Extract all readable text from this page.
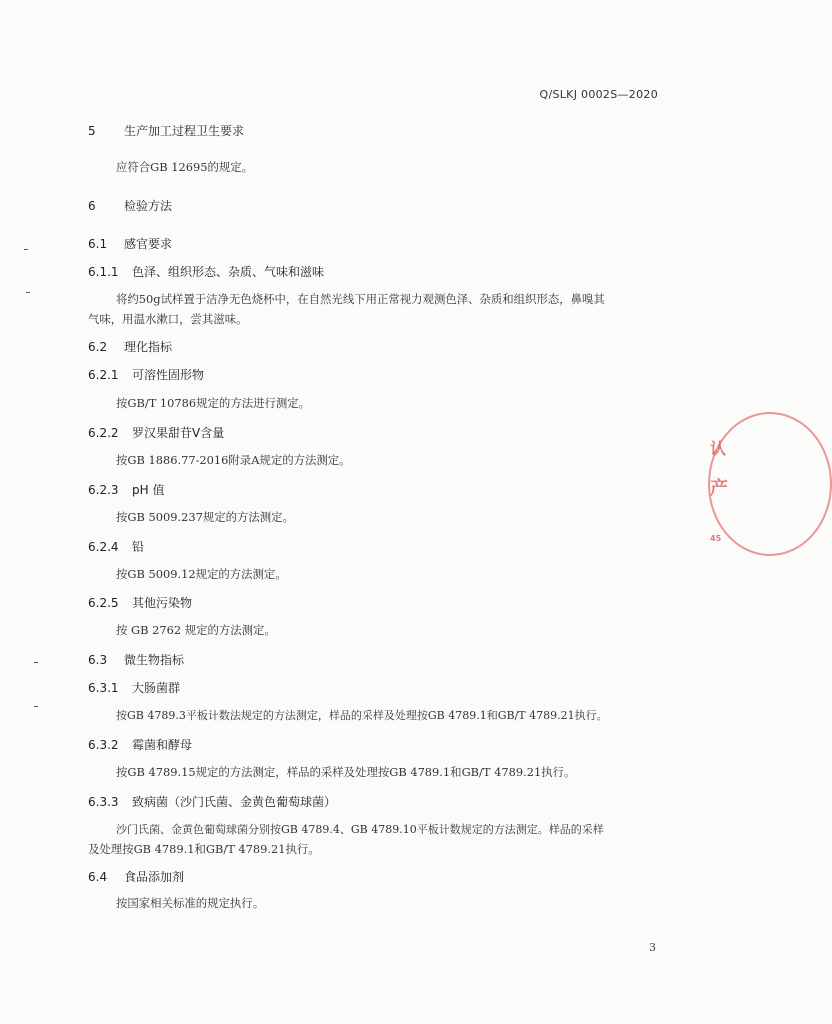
Q/SLKJ 0002S—2020
5 生产加工过程卫生要求
应符合GB 12695的规定。
6 检验方法
6.1 感官要求
6.1.1 色泽、组织形态、杂质、气味和滋味
将约50g试样置于洁净无色烧杯中，在自然光线下用正常视力观测色泽、杂质和组织形态，鼻嗅其
气味，用温水漱口，尝其滋味。
6.2 理化指标
6.2.1 可溶性固形物
按GB/T 10786规定的方法进行测定。
6.2.2 罗汉果甜苷Ⅴ含量
按GB 1886.77-2016附录A规定的方法测定。
6.2.3 pH 值
按GB 5009.237规定的方法测定。
6.2.4 铅
按GB 5009.12规定的方法测定。
6.2.5 其他污染物
按 GB 2762 规定的方法测定。
6.3 微生物指标
6.3.1 大肠菌群
按GB 4789.3平板计数法规定的方法测定，样品的采样及处理按GB 4789.1和GB/T 4789.21执行。
6.3.2 霉菌和酵母
按GB 4789.15规定的方法测定，样品的采样及处理按GB 4789.1和GB/T 4789.21执行。
6.3.3 致病菌（沙门氏菌、金黄色葡萄球菌）
沙门氏菌、金黄色葡萄球菌分别按GB 4789.4、GB 4789.10平板计数规定的方法测定。样品的采样
及处理按GB 4789.1和GB/T 4789.21执行。
6.4 食品添加剂
按国家相关标准的规定执行。
3
认
产
45
